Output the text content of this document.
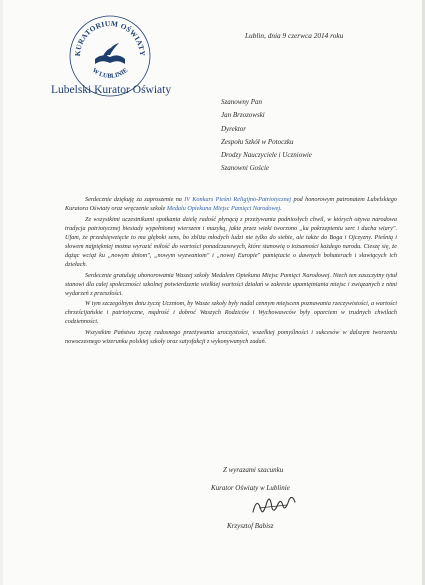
KURATORIUM OŚWIATY
W LUBLINIE
Lubelski Kurator Oświaty
Lublin, dnia 9 czerwca 2014 roku
Szanowny Pan
Jan Brzozowski
Dyrektor
Zespołu Szkół w Potoczku
Drodzy Nauczyciele i Uczniowie
Szanowni Goście

Serdecznie dziękuję za zaproszenie na IV Konkurs Pieśni Religijno-Patriotycznej pod honorowym patronatem Lubelskiego Kuratora Oświaty oraz wręczenie szkole Medalu Opiekuna Miejsc Pamięci Narodowej.

Ze wszystkimi uczestnikami spotkania dzielę radość płynącą z przeżywania podniosłych chwil, w których ożywa narodowa tradycja patriotycznej biesiady wypełnionej wierszem i muzyką, jakie przez wieki tworzono „ku pokrzepieniu serc i ducha wiary". Ufam, że przedsięwzięcie to ma głęboki sens, bo zbliża młodych ludzi nie tylko do siebie, ale także do Boga i Ojczyzny. Pieśnią i słowem najpiękniej można wyrazić miłość do wartości ponadczasowych, które stanowią o tożsamości każdego narodu. Cieszę się, że dążąc wciąż ku „nowym dniom", „nowym wyzwaniom" i „nowej Europie" pamiętacie o dawnych bohaterach i sławiących ich dziełach.

Serdecznie gratuluję uhonorowania Waszej szkoły Medalem Opiekuna Miejsc Pamięci Narodowej. Niech ten zaszczytny tytuł stanowi dla całej społeczności szkolnej potwierdzenie wielkiej wartości działań w zakresie upamiętniania miejsc i związanych z nimi wydarzeń z przeszłości.

W tym szczególnym dniu życzę Uczniom, by Wasze szkoły były nadal cennym miejscem poznawania rzeczywistości, a wartości chrześcijańskie i patriotyczne, mądrość i dobroć Waszych Rodziców i Wychowawców były oparciem w trudnych chwilach codzienności.

Wszystkim Państwu życzę radosnego przeżywania uroczystości, wszelkiej pomyślności i sukcesów w dalszym tworzeniu nowoczesnego wizerunku polskiej szkoły oraz satysfakcji z wykonywanych zadań.

Z wyrazami szacunku
Kurator Oświaty w Lublinie
Krzysztof Babisz
